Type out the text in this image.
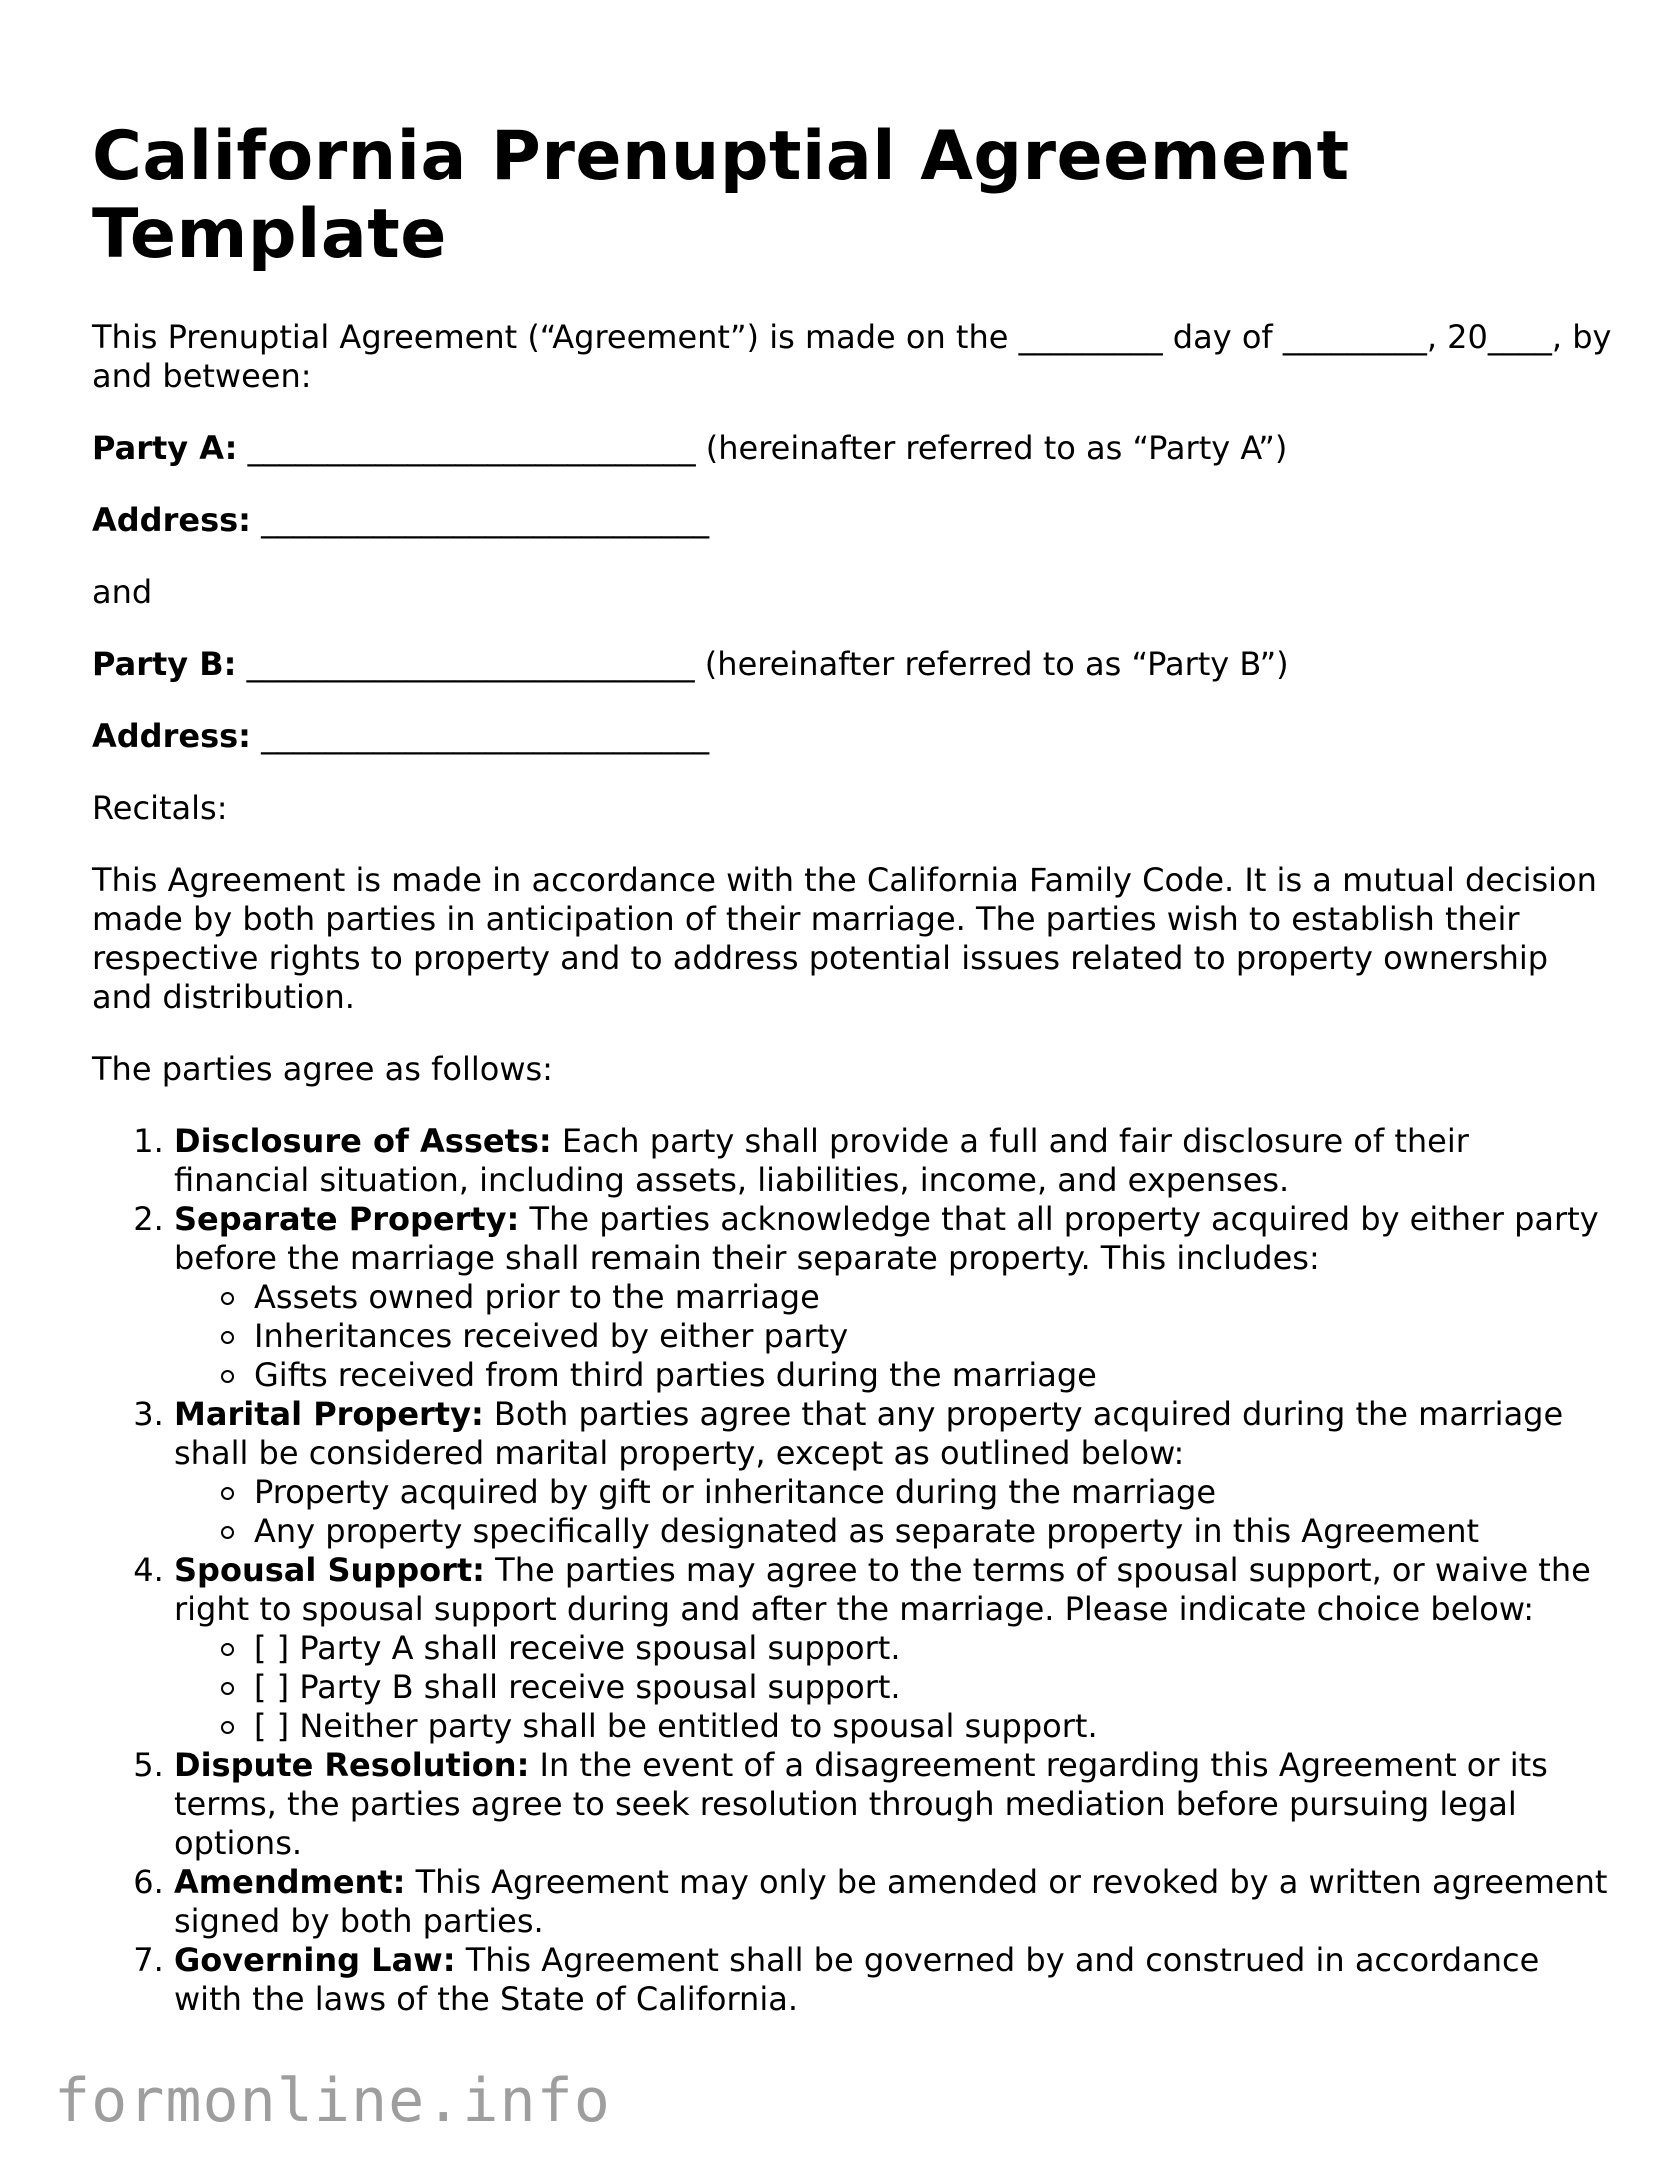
California Prenuptial Agreement Template

This Prenuptial Agreement (“Agreement”) is made on the _________ day of _________, 20____, by and between:

Party A: ____________________________ (hereinafter referred to as “Party A”)

Address: ____________________________

and

Party B: ____________________________ (hereinafter referred to as “Party B”)

Address: ____________________________

Recitals:

This Agreement is made in accordance with the California Family Code. It is a mutual decision made by both parties in anticipation of their marriage. The parties wish to establish their respective rights to property and to address potential issues related to property ownership and distribution.

The parties agree as follows:

1. Disclosure of Assets: Each party shall provide a full and fair disclosure of their financial situation, including assets, liabilities, income, and expenses.
2. Separate Property: The parties acknowledge that all property acquired by either party before the marriage shall remain their separate property. This includes:
Assets owned prior to the marriage
Inheritances received by either party
Gifts received from third parties during the marriage
3. Marital Property: Both parties agree that any property acquired during the marriage shall be considered marital property, except as outlined below:
Property acquired by gift or inheritance during the marriage
Any property specifically designated as separate property in this Agreement
4. Spousal Support: The parties may agree to the terms of spousal support, or waive the right to spousal support during and after the marriage. Please indicate choice below:
[ ] Party A shall receive spousal support.
[ ] Party B shall receive spousal support.
[ ] Neither party shall be entitled to spousal support.
5. Dispute Resolution: In the event of a disagreement regarding this Agreement or its terms, the parties agree to seek resolution through mediation before pursuing legal options.
6. Amendment: This Agreement may only be amended or revoked by a written agreement signed by both parties.
7. Governing Law: This Agreement shall be governed by and construed in accordance with the laws of the State of California.
formonline.info
